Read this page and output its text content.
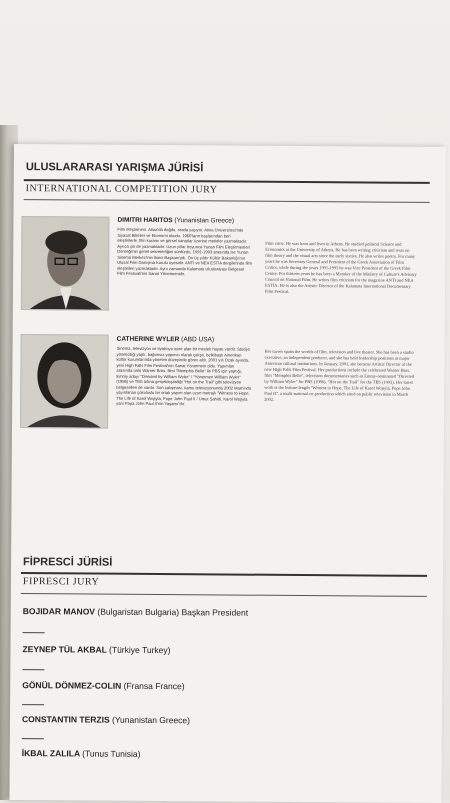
ULUSLARARASI YARIŞMA JÜRİSİ
INTERNATIONAL COMPETITION JURY
DIMITRI HARITOS (Yunanistan Greece)
Film eleştirmeni. Atina'da doğdu, orada yaşıyor. Atina Üniversitesi'nde Siyasal Bilimler ve Ekonomi okudu. 1960'ların başlarından beri eleştirilerle, film kuramı ve görsel sanatlar üzerine metinler yazmaktadır. Ayrıca şiir de yazmaktadır. Uzun yıllar boyunca Yunan Film Eleştirmenleri Derneği'nin genel sekreterliğini sürdürdü, 1991-1993 arasında ise Yunan Sinema Merkezi'nin İkinci Başkanı'ydı. On üç yıldır Kültür Bakanlığı'nın Ulusal Film Danışma Kurulu üyesidir. ANTI ve NEA ESTIA dergilerinde film eleştirileri yazmaktadır. Aynı zamanda Kalamata Uluslararası Belgesel Film Festivali'nin Sanat Yönetmenidir.
Film critic. He was born and lives in Athens. He studied political Science and Economics at the University of Athens. He has been writing criticism and texts on film theory and the visual arts since the early sixties. He also writes poetry. For many years he was Secretary General and President of the Greek Association of Film Critics, while during the years 1991-1993 he was Vice President of the Greek Film Centre. For thirteen years he has been a Member of the Ministry of Culture's Advisory Council on National Film. He writes film criticism for the magazine ANTI and NEA ESTIA. He is also the Artistic Director of the Kalamata International Documentary Film Festival.
CATHERINE WYLER (ABD USA)
Sinema, televizyon ve tiyatroyu içine alan bir meslek hayatı vardır. Stüdyo yöneticiliği yaptı, bağımsız yapımcı olarak çalıştı, belkibaşlı Amerikan kültür kurumlarında yönetim düzeyinde görev aldı. 2001 yılı Ocak ayında, yeni High Falls Film Festival'nin Sanat Yönetmeni oldu. Yapımları arasında ünlü Warner Bros. filmi "Memphis Belle" ile PBS için yaptığı, Emmy adayı "Directed by William Wyler" / "Yönetmen William Wyler" (1986) ve TBS adına gerçekleştirdiği "Hot on the Trail" gibi televizyon belgeselleri de vardır. Son çalışması, kamu televizyonunda 2002 Mart'ında yayınlanan çokuluslu bir ortak yapım olan uzun metrajlı "Witness to Hope, The Life of Karol Wojtyla, Pope John Paul II / Umut Şahidi, Karol Wojtyla yani Papa John Paul II'nin Yaşamı"dır.
Her career spans the worlds of film, television and live theater. She has been a studio executive, an independent producer, and she has held leadership positions at major American cultural institutions. In January, 2001, she became Artistic Director of the new High Falls Film Festival. Her productions include the celebrated Warner Bros. film "Memphis Belle", television documentaries such as Emmy-nominated "Directed by William Wyler" for PBS (1986), "Hot on the Trail" for the TBS (1993). Her latest work is the feature-length "Witness to Hope, The Life of Karol Wojtyla, Pope John Paul II", a multi-national co-production which aired on public television in March 2002.
FİPRESCİ JÜRİSİ
FIPRESCI JURY
BOJIDAR MANOV (Bulgaristan Bulgaria) Başkan President
ZEYNEP TÜL AKBAL (Türkiye Turkey)
GÖNÜL DÖNMEZ-COLIN (Fransa France)
CONSTANTIN TERZIS (Yunanistan Greece)
İKBAL ZALILA (Tunus Tunisia)
